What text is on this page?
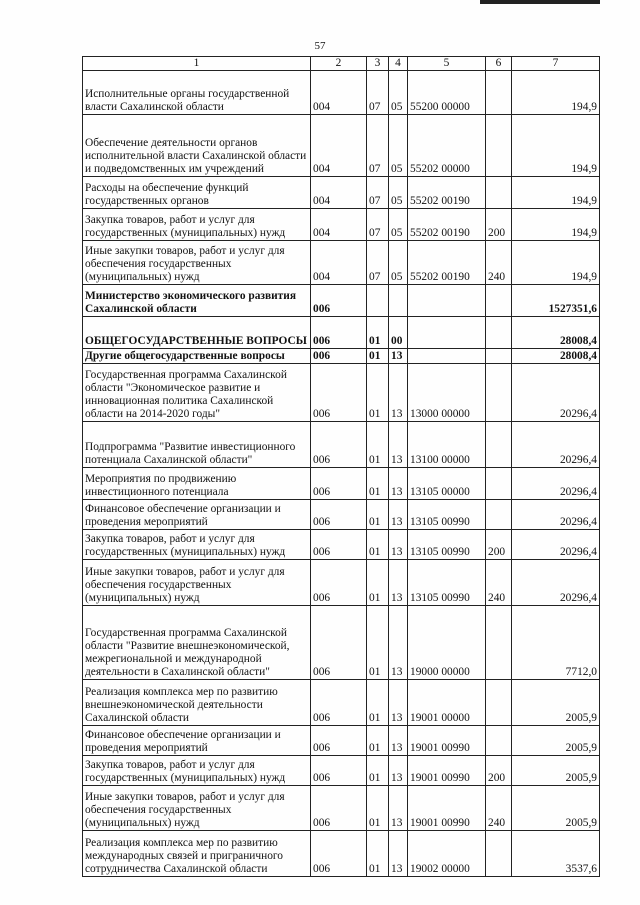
57
1	2	3	4	5	6	7
Исполнительные органы государственной власти Сахалинской области	004	07	05	55200 00000		194,9
Обеспечение деятельности органов исполнительной власти Сахалинской области и подведомственных им учреждений	004	07	05	55202 00000		194,9
Расходы на обеспечение функций государственных органов	004	07	05	55202 00190		194,9
Закупка товаров, работ и услуг для государственных (муниципальных) нужд	004	07	05	55202 00190	200	194,9
Иные закупки товаров, работ и услуг для обеспечения государственных (муниципальных) нужд	004	07	05	55202 00190	240	194,9
Министерство экономического развития Сахалинской области	006					1527351,6
ОБЩЕГОСУДАРСТВЕННЫЕ ВОПРОСЫ	006	01	00			28008,4
Другие общегосударственные вопросы	006	01	13			28008,4
Государственная программа Сахалинской области "Экономическое развитие и инновационная политика Сахалинской области на 2014-2020 годы"	006	01	13	13000 00000		20296,4
Подпрограмма "Развитие инвестиционного потенциала Сахалинской области"	006	01	13	13100 00000		20296,4
Мероприятия по продвижению инвестиционного потенциала	006	01	13	13105 00000		20296,4
Финансовое обеспечение организации и проведения мероприятий	006	01	13	13105 00990		20296,4
Закупка товаров, работ и услуг для государственных (муниципальных) нужд	006	01	13	13105 00990	200	20296,4
Иные закупки товаров, работ и услуг для обеспечения государственных (муниципальных) нужд	006	01	13	13105 00990	240	20296,4
Государственная программа Сахалинской области "Развитие внешнеэкономической, межрегиональной и международной деятельности в Сахалинской области"	006	01	13	19000 00000		7712,0
Реализация комплекса мер по развитию внешнеэкономической деятельности Сахалинской области	006	01	13	19001 00000		2005,9
Финансовое обеспечение организации и проведения мероприятий	006	01	13	19001 00990		2005,9
Закупка товаров, работ и услуг для государственных (муниципальных) нужд	006	01	13	19001 00990	200	2005,9
Иные закупки товаров, работ и услуг для обеспечения государственных (муниципальных) нужд	006	01	13	19001 00990	240	2005,9
Реализация комплекса мер по развитию международных связей и приграничного сотрудничества Сахалинской области	006	01	13	19002 00000		3537,6
